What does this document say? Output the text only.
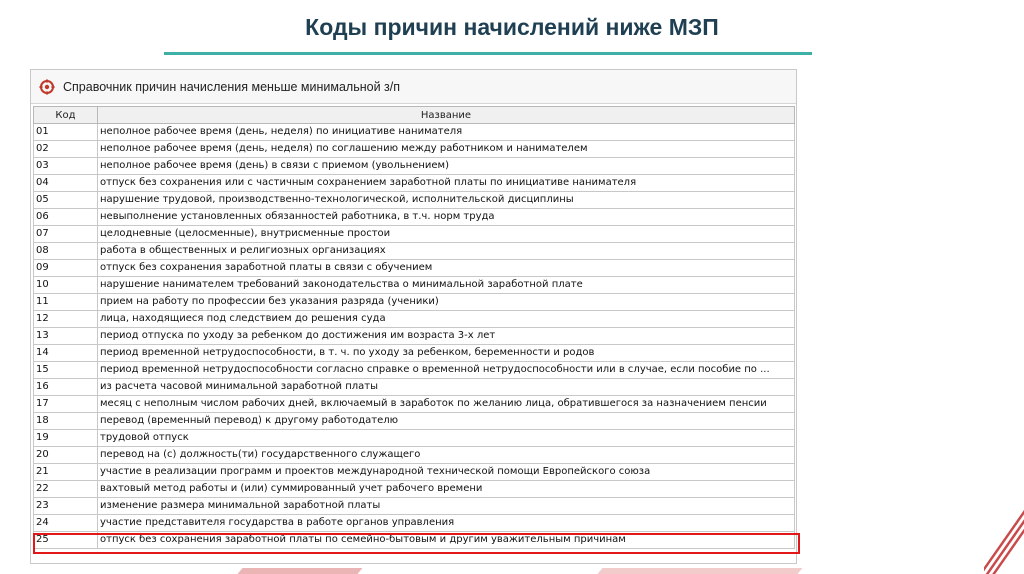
Коды причин начислений ниже МЗП
Справочник причин начисления меньше минимальной з/п
Код	Название
01	неполное рабочее время (день, неделя) по инициативе нанимателя
02	неполное рабочее время (день, неделя) по соглашению между работником и нанимателем
03	неполное рабочее время (день) в связи с приемом (увольнением)
04	отпуск без сохранения или с частичным сохранением заработной платы по инициативе нанимателя
05	нарушение трудовой, производственно-технологической, исполнительской дисциплины
06	невыполнение установленных обязанностей работника, в т.ч. норм труда
07	целодневные (целосменные), внутрисменные простои
08	работа в общественных и религиозных организациях
09	отпуск без сохранения заработной платы в связи с обучением
10	нарушение нанимателем требований законодательства о минимальной заработной плате
11	прием на работу по профессии без указания разряда (ученики)
12	лица, находящиеся под следствием до решения суда
13	период отпуска по уходу за ребенком до достижения им возраста 3-х лет
14	период временной нетрудоспособности, в т. ч. по уходу за ребенком, беременности и родов
15	период временной нетрудоспособности согласно справке о временной нетрудоспособности или в случае, если пособие по ...
16	из расчета часовой минимальной заработной платы
17	месяц с неполным числом рабочих дней, включаемый в заработок по желанию лица, обратившегося за назначением пенсии
18	перевод (временный перевод) к другому работодателю
19	трудовой отпуск
20	перевод на (с) должность(ти) государственного служащего
21	участие в реализации программ и проектов международной технической помощи Европейского союза
22	вахтовый метод работы и (или) суммированный учет рабочего времени
23	изменение размера минимальной заработной платы
24	участие представителя государства в работе органов управления
25	отпуск без сохранения заработной платы по семейно-бытовым и другим уважительным причинам
